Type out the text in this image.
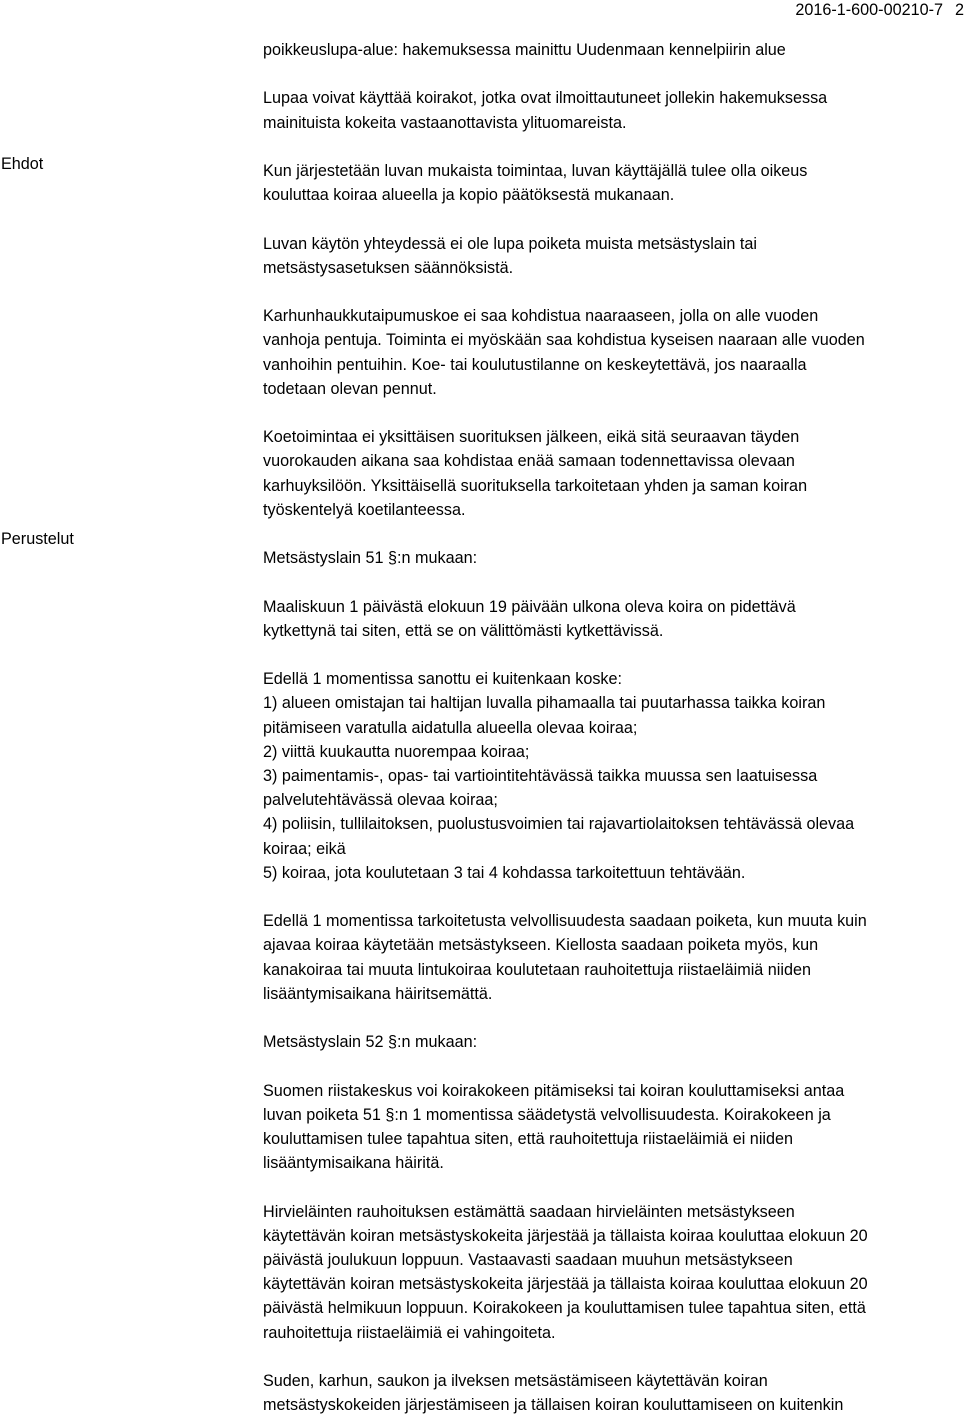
2016-1-600-00210-7 2
Ehdot
Perustelut

poikkeuslupa-alue: hakemuksessa mainittu Uudenmaan kennelpiirin alue

Lupaa voivat käyttää koirakot, jotka ovat ilmoittautuneet jollekin hakemuksessa
mainituista kokeita vastaanottavista ylituomareista.

Kun järjestetään luvan mukaista toimintaa, luvan käyttäjällä tulee olla oikeus
kouluttaa koiraa alueella ja kopio päätöksestä mukanaan.

Luvan käytön yhteydessä ei ole lupa poiketa muista metsästyslain tai
metsästysasetuksen säännöksistä.

Karhunhaukkutaipumuskoe ei saa kohdistua naaraaseen, jolla on alle vuoden
vanhoja pentuja. Toiminta ei myöskään saa kohdistua kyseisen naaraan alle vuoden
vanhoihin pentuihin. Koe- tai koulutustilanne on keskeytettävä, jos naaraalla
todetaan olevan pennut.

Koetoimintaa ei yksittäisen suorituksen jälkeen, eikä sitä seuraavan täyden
vuorokauden aikana saa kohdistaa enää samaan todennettavissa olevaan
karhuyksilöön. Yksittäisellä suorituksella tarkoitetaan yhden ja saman koiran
työskentelyä koetilanteessa.

Metsästyslain 51 §:n mukaan:

Maaliskuun 1 päivästä elokuun 19 päivään ulkona oleva koira on pidettävä
kytkettynä tai siten, että se on välittömästi kytkettävissä.

Edellä 1 momentissa sanottu ei kuitenkaan koske:
1) alueen omistajan tai haltijan luvalla pihamaalla tai puutarhassa taikka koiran
pitämiseen varatulla aidatulla alueella olevaa koiraa;
2) viittä kuukautta nuorempaa koiraa;
3) paimentamis-, opas- tai vartiointitehtävässä taikka muussa sen laatuisessa
palvelutehtävässä olevaa koiraa;
4) poliisin, tullilaitoksen, puolustusvoimien tai rajavartiolaitoksen tehtävässä olevaa
koiraa; eikä
5) koiraa, jota koulutetaan 3 tai 4 kohdassa tarkoitettuun tehtävään.

Edellä 1 momentissa tarkoitetusta velvollisuudesta saadaan poiketa, kun muuta kuin
ajavaa koiraa käytetään metsästykseen. Kiellosta saadaan poiketa myös, kun
kanakoiraa tai muuta lintukoiraa koulutetaan rauhoitettuja riistaeläimiä niiden
lisääntymisaikana häiritsemättä.

Metsästyslain 52 §:n mukaan:

Suomen riistakeskus voi koirakokeen pitämiseksi tai koiran kouluttamiseksi antaa
luvan poiketa 51 §:n 1 momentissa säädetystä velvollisuudesta. Koirakokeen ja
kouluttamisen tulee tapahtua siten, että rauhoitettuja riistaeläimiä ei niiden
lisääntymisaikana häiritä.

Hirvieläinten rauhoituksen estämättä saadaan hirvieläinten metsästykseen
käytettävän koiran metsästyskokeita järjestää ja tällaista koiraa kouluttaa elokuun 20
päivästä joulukuun loppuun. Vastaavasti saadaan muuhun metsästykseen
käytettävän koiran metsästyskokeita järjestää ja tällaista koiraa kouluttaa elokuun 20
päivästä helmikuun loppuun. Koirakokeen ja kouluttamisen tulee tapahtua siten, että
rauhoitettuja riistaeläimiä ei vahingoiteta.

Suden, karhun, saukon ja ilveksen metsästämiseen käytettävän koiran
metsästyskokeiden järjestämiseen ja tällaisen koiran kouluttamiseen on kuitenkin
